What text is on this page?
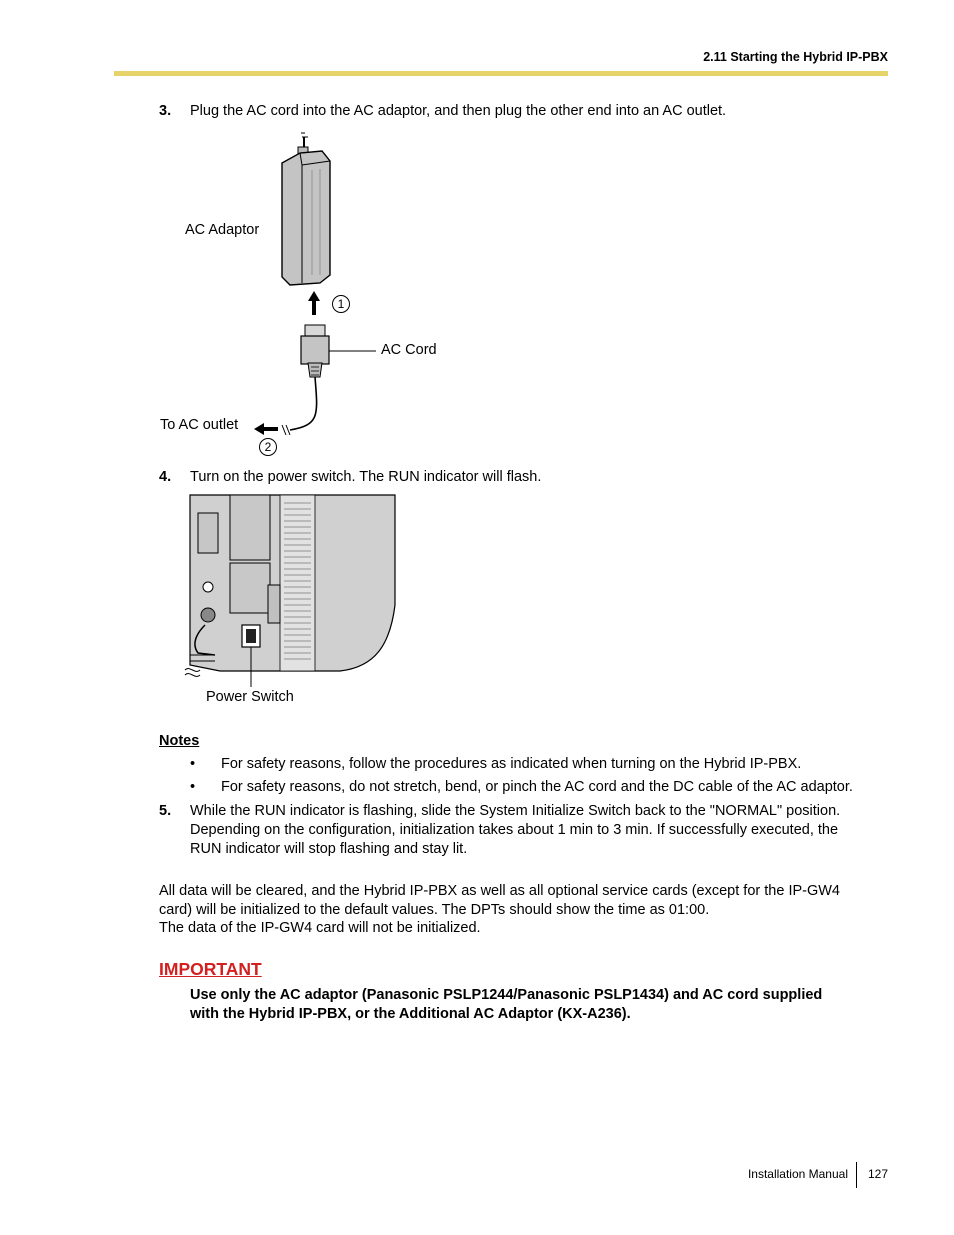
2.11 Starting the Hybrid IP-PBX
3. Plug the AC cord into the AC adaptor, and then plug the other end into an AC outlet.
AC Adaptor
AC Cord
To AC outlet
1
2
4. Turn on the power switch. The RUN indicator will flash.
Power Switch
Notes
• For safety reasons, follow the procedures as indicated when turning on the Hybrid IP-PBX.
• For safety reasons, do not stretch, bend, or pinch the AC cord and the DC cable of the AC adaptor.
5. While the RUN indicator is flashing, slide the System Initialize Switch back to the "NORMAL" position.
Depending on the configuration, initialization takes about 1 min to 3 min. If successfully executed, the
RUN indicator will stop flashing and stay lit.
All data will be cleared, and the Hybrid IP-PBX as well as all optional service cards (except for the IP-GW4
card) will be initialized to the default values. The DPTs should show the time as 01:00.
The data of the IP-GW4 card will not be initialized.
IMPORTANT
Use only the AC adaptor (Panasonic PSLP1244/Panasonic PSLP1434) and AC cord supplied
with the Hybrid IP-PBX, or the Additional AC Adaptor (KX-A236).
Installation Manual 127
